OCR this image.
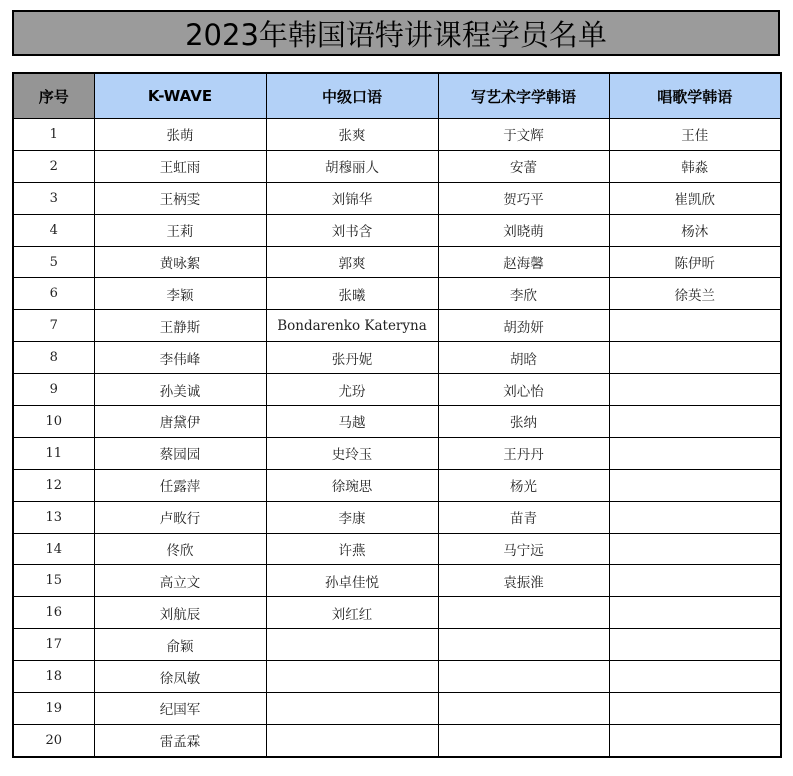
2023年韩国语特讲课程学员名单
序号	K-WAVE	中级口语	写艺术字学韩语	唱歌学韩语
1	张萌	张爽	于文辉	王佳
2	王虹雨	胡穆丽人	安蕾	韩淼
3	王柄雯	刘锦华	贺巧平	崔凯欣
4	王莉	刘书含	刘晓萌	杨沐
5	黄咏絮	郭爽	赵海馨	陈伊昕
6	李颖	张曦	李欣	徐英兰
7	王静斯	Bondarenko Kateryna	胡劲妍	
8	李伟峰	张丹妮	胡晗	
9	孙美诚	尤玢	刘心怡	
10	唐黛伊	马越	张纳	
11	蔡园园	史玲玉	王丹丹	
12	任露萍	徐琬思	杨光	
13	卢畋行	李康	苗青	
14	佟欣	许燕	马宁远	
15	高立文	孙卓佳悦	袁振淮	
16	刘航辰	刘红红		
17	俞颖			
18	徐凤敏			
19	纪国军			
20	雷孟霖			
